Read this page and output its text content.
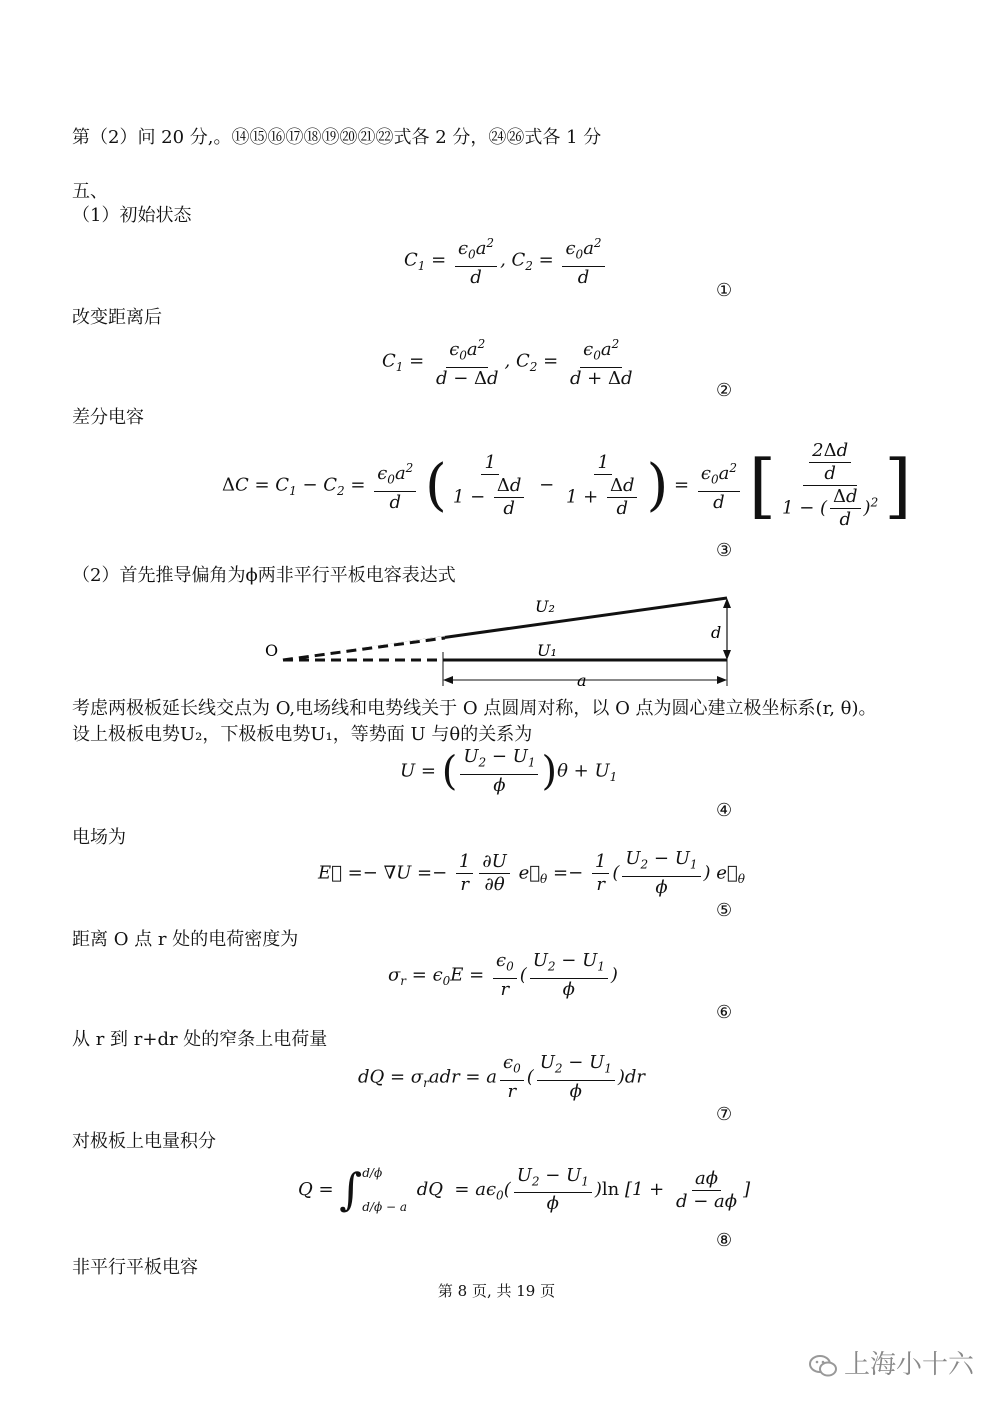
第（2）问 20 分,。⑭⑮⑯⑰⑱⑲⑳㉑㉒式各 2 分，㉔㉖式各 1 分
五、
（1）初始状态
$C_1 = \frac{\epsilon_0a^2}{d}$ , $C_2 = \frac{\epsilon_0a^2}{d}$
①
改变距离后
$C_1 = \frac{\epsilon_0a^2}{d - \Delta d}$ , $C_2 = \frac{\epsilon_0a^2}{d + \Delta d}$
②
差分电容
$\Delta C = C_1 - C_2 = \frac{\epsilon_0a^2}{d}$ ( $\frac{1}{1 - \frac{\Delta d}{d}} - \frac{1}{1 + \frac{\Delta d}{d}}$ ) = $\frac{\epsilon_0a^2}{d}$ [ $\frac{\frac{2\Delta d}{d}}{1 - ( \frac{\Delta d}{d} )^2}$ ]
③
（2）首先推导偏角为ϕ两非平行平板电容表达式
O
U₂
U₁
d
a
考虑两极板延长线交点为 O,电场线和电势线关于 O 点圆周对称，以 O 点为圆心建立极坐标系(r, θ)。
设上极板电势U₂，下极板电势U₁，等势面 U 与θ的关系为
U = ( $\frac{U_2 - U_1}{\phi} )\theta + U_1$
④
电场为
E⃗ =− $\nabla U =- \frac{1}{r} \frac{\partial U}{\partial\theta}$ $e⃗_\theta =- \frac{1}{r}$ ( $\frac{U_2 - U_1}{\phi}$ ) $e⃗_\theta$
⑤
距离 O 点 r 处的电荷密度为
$\sigma_r = \epsilon_0E = \frac{\epsilon_0}{r}$ ( $\frac{U_2 - U_1}{\phi}$ )
⑥
从 r 到 r+dr 处的窄条上电荷量
dQ = $\sigma_radr = a \frac{\epsilon_0}{r}$ ( $\frac{U_2 - U_1}{\phi} )dr$
⑦
对极板上电量积分
Q = ∫ d/ϕ
d/ϕ − a
dQ  = $a\epsilon_0( \frac{U_2 - U_1}{\phi} )\ln$ [$1 + \frac{a\phi}{d - a\phi}$ ]
⑧
非平行平板电容
第 8 页, 共 19 页
上海小十六
